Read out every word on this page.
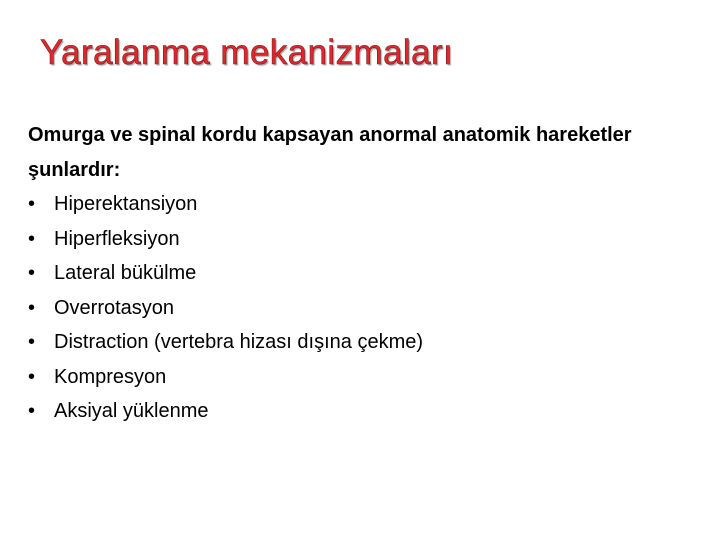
Yaralanma mekanizmaları

Omurga ve spinal kordu kapsayan anormal anatomik hareketler şunlardır:

• Hiperektansiyon
• Hiperfleksiyon
• Lateral bükülme
• Overrotasyon
• Distraction (vertebra hizası dışına çekme)
• Kompresyon
• Aksiyal yüklenme
